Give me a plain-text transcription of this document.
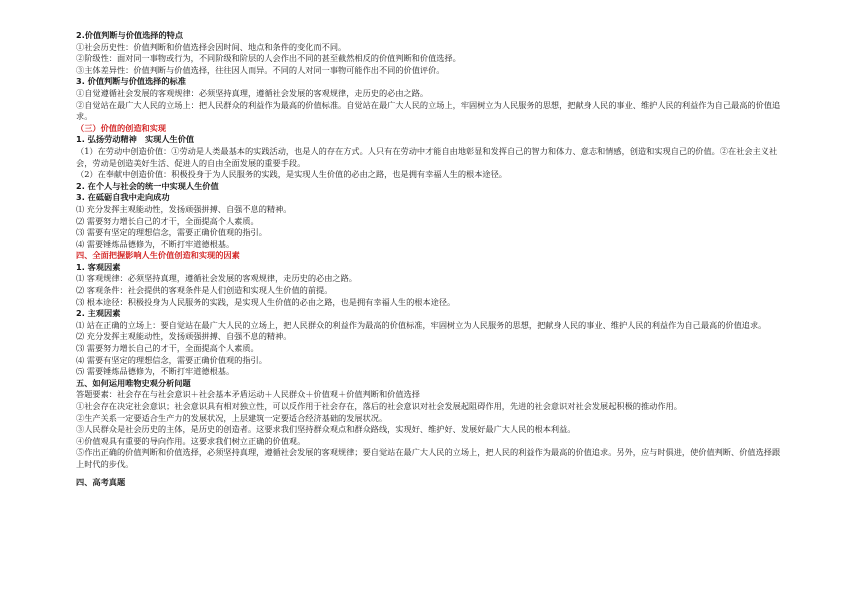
2.价值判断与价值选择的特点
①社会历史性：价值判断和价值选择会因时间、地点和条件的变化而不同。
②阶级性：面对同一事物或行为，不同阶级和阶层的人会作出不同的甚至截然相反的价值判断和价值选择。
③主体差异性：价值判断与价值选择，往往因人而异。不同的人对同一事物可能作出不同的价值评价。
3. 价值判断与价值选择的标准
①自觉遵循社会发展的客观规律：必须坚持真理，遵循社会发展的客观规律，走历史的必由之路。
②自觉站在最广大人民的立场上：把人民群众的利益作为最高的价值标准。自觉站在最广大人民的立场上，牢固树立为人民服务的思想，把献身人民的事业、维护人民的利益作为自己最高的价值追求。
（三）价值的创造和实现
1. 弘扬劳动精神　实现人生价值
（1）在劳动中创造价值：①劳动是人类最基本的实践活动，也是人的存在方式。人只有在劳动中才能自由地彰显和发挥自己的智力和体力、意志和情感，创造和实现自己的价值。②在社会主义社会，劳动是创造美好生活、促进人的自由全面发展的重要手段。
（2）在奉献中创造价值：积极投身于为人民服务的实践，是实现人生价值的必由之路，也是拥有幸福人生的根本途径。
2. 在个人与社会的统一中实现人生价值
3. 在砥砺自我中走向成功
⑴ 充分发挥主观能动性，发扬顽强拼搏、自强不息的精神。
⑵ 需要努力增长自己的才干，全面提高个人素质。
⑶ 需要有坚定的理想信念，需要正确价值观的指引。
⑷ 需要锤炼品德修为，不断打牢道德根基。
四、全面把握影响人生价值创造和实现的因素
1. 客观因素
⑴ 客观规律：必须坚持真理，遵循社会发展的客观规律，走历史的必由之路。
⑵ 客观条件：社会提供的客观条件是人们创造和实现人生价值的前提。
⑶ 根本途径：积极投身为人民服务的实践，是实现人生价值的必由之路，也是拥有幸福人生的根本途径。
2. 主观因素
⑴ 站在正确的立场上：要自觉站在最广大人民的立场上，把人民群众的利益作为最高的价值标准，牢固树立为人民服务的思想，把献身人民的事业、维护人民的利益作为自己最高的价值追求。
⑵ 充分发挥主观能动性，发扬顽强拼搏、自强不息的精神。
⑶ 需要努力增长自己的才干，全面提高个人素质。
⑷ 需要有坚定的理想信念，需要正确价值观的指引。
⑸ 需要锤炼品德修为，不断打牢道德根基。
五、如何运用唯物史观分析问题
答题要素：社会存在与社会意识＋社会基本矛盾运动＋人民群众＋价值观＋价值判断和价值选择
①社会存在决定社会意识；社会意识具有相对独立性，可以反作用于社会存在，落后的社会意识对社会发展起阻碍作用，先进的社会意识对社会发展起积极的推动作用。
②生产关系一定要适合生产力的发展状况，上层建筑一定要适合经济基础的发展状况。
③人民群众是社会历史的主体，是历史的创造者。这要求我们坚持群众观点和群众路线，实现好、维护好、发展好最广大人民的根本利益。
④价值观具有重要的导向作用。这要求我们树立正确的价值观。
⑤作出正确的价值判断和价值选择，必须坚持真理，遵循社会发展的客观规律；要自觉站在最广大人民的立场上，把人民的利益作为最高的价值追求。另外，应与时俱进，使价值判断、价值选择跟上时代的步伐。
四、高考真题
